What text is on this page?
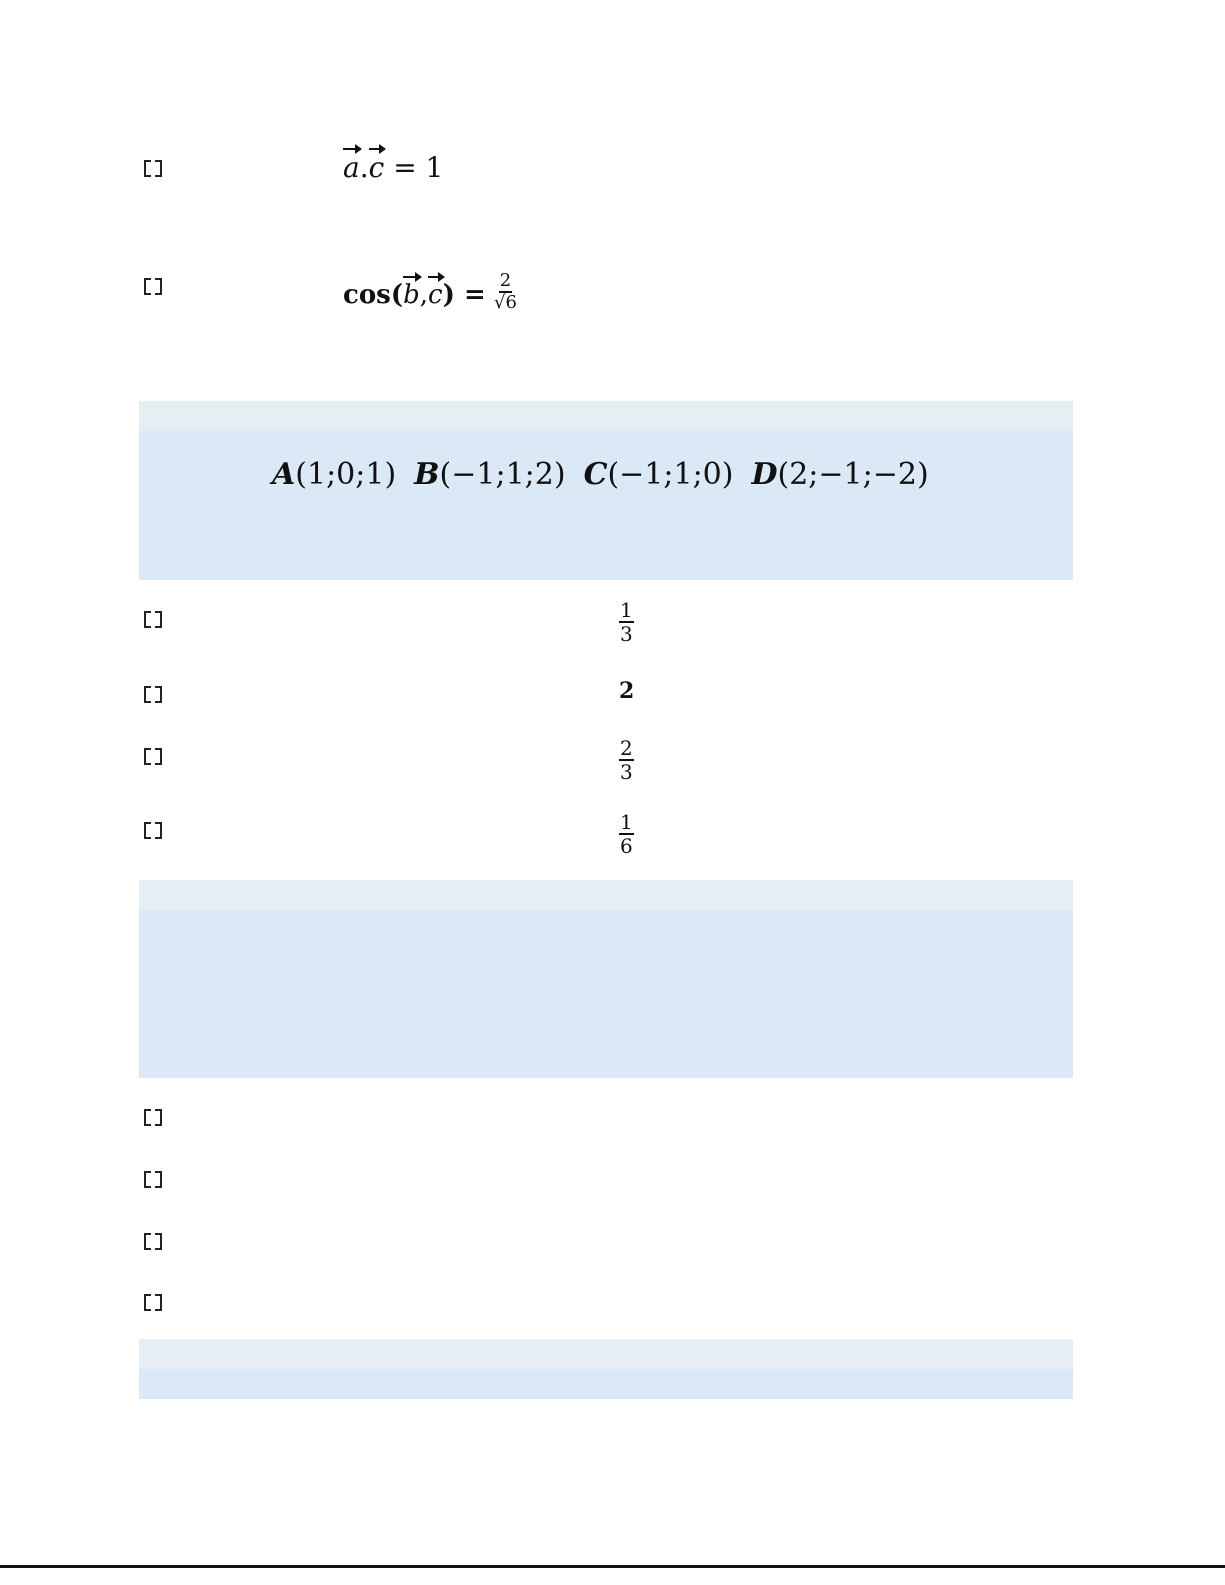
a.c = 1
$\cos(b,c) = \frac{2}{√6}$
A(1;0;1) B(−1;1;2) C(−1;1;0) D(2;−1;−2)
$\frac{1}{3}$
2
$\frac{2}{3}$
$\frac{1}{6}$
